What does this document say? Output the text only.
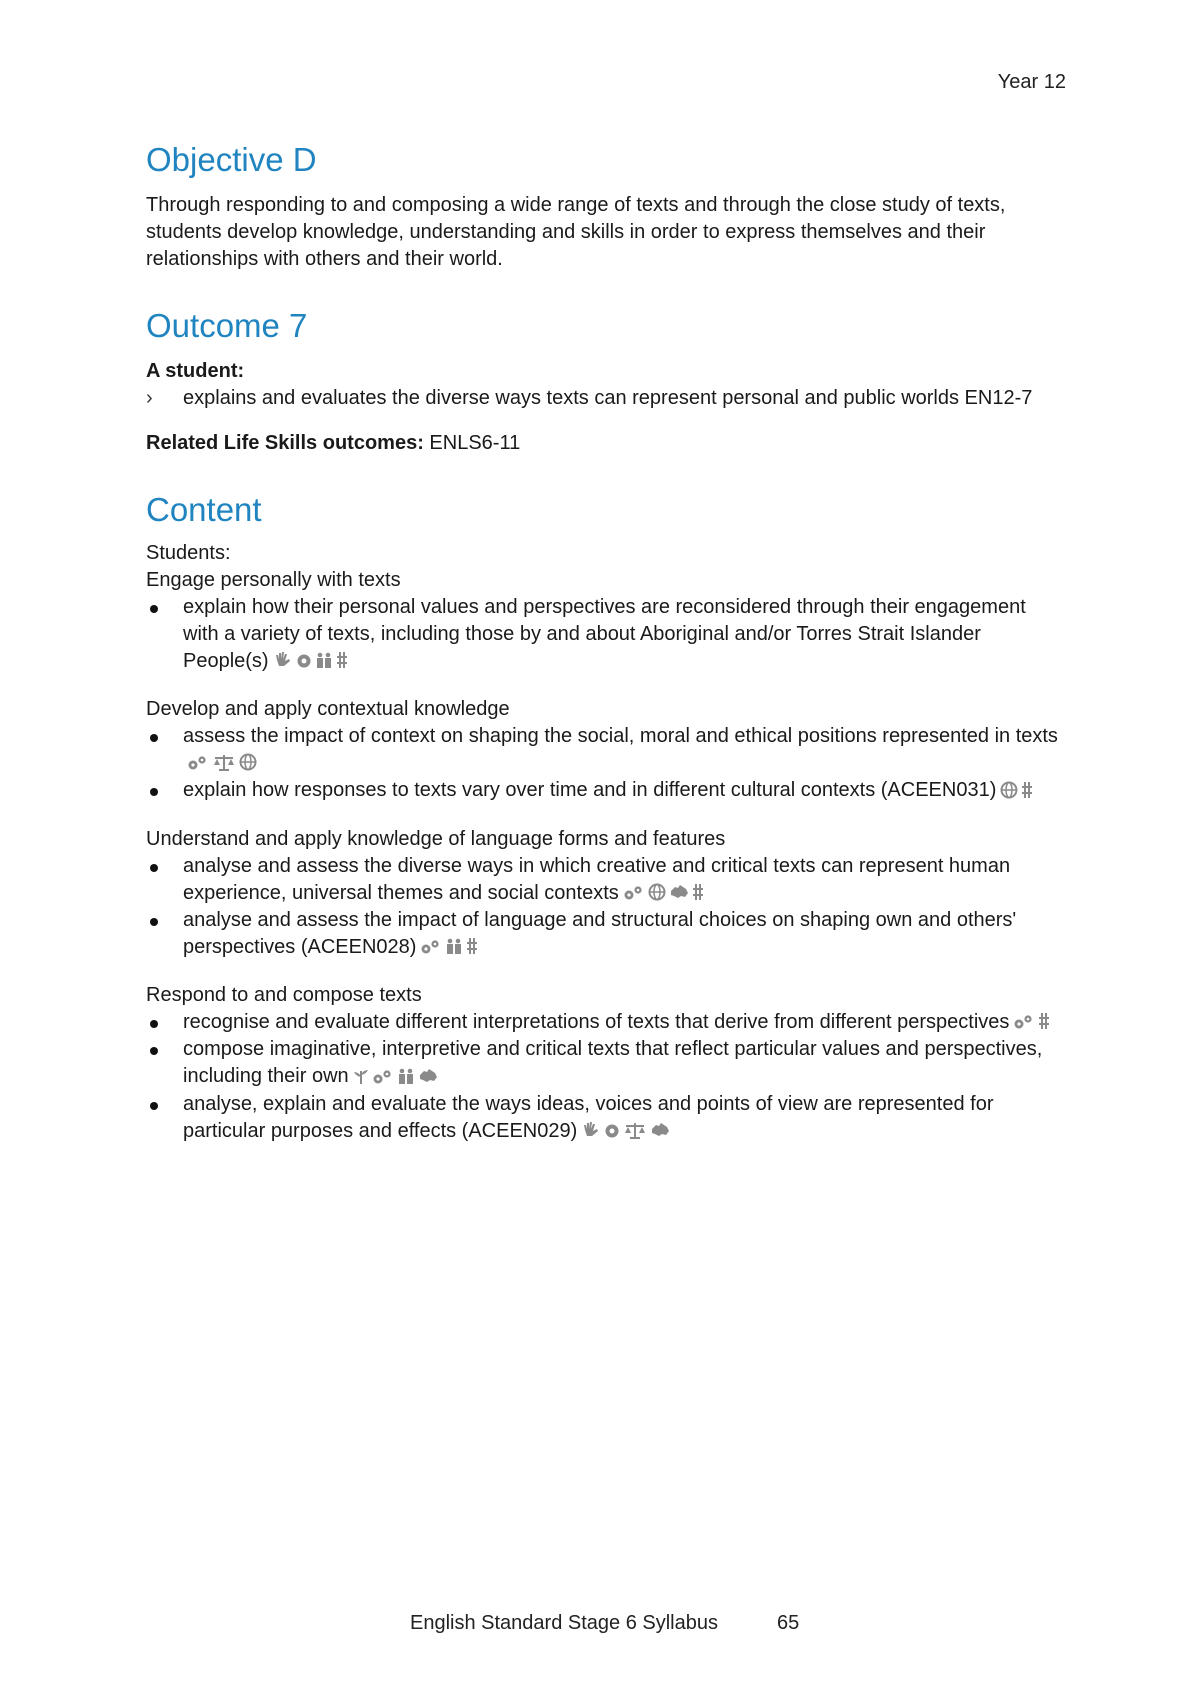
Year 12
Objective D

Through responding to and composing a wide range of texts and through the close study of texts, students develop knowledge, understanding and skills in order to express themselves and their relationships with others and their world.

Outcome 7

A student:

›	explains and evaluates the diverse ways texts can represent personal and public worlds EN12-7

Related Life Skills outcomes: ENLS6-11

Content

Students:

Engage personally with texts

explain how their personal values and perspectives are reconsidered through their engagement with a variety of texts, including those by and about Aboriginal and/or Torres Strait Islander People(s)

Develop and apply contextual knowledge

assess the impact of context on shaping the social, moral and ethical positions represented in texts
explain how responses to texts vary over time and in different cultural contexts (ACEEN031)

Understand and apply knowledge of language forms and features

analyse and assess the diverse ways in which creative and critical texts can represent human experience, universal themes and social contexts
analyse and assess the impact of language and structural choices on shaping own and others' perspectives (ACEEN028)

Respond to and compose texts

recognise and evaluate different interpretations of texts that derive from different perspectives
compose imaginative, interpretive and critical texts that reflect particular values and perspectives, including their own
analyse, explain and evaluate the ways ideas, voices and points of view are represented for particular purposes and effects (ACEEN029)
English Standard Stage 6 Syllabus	65
